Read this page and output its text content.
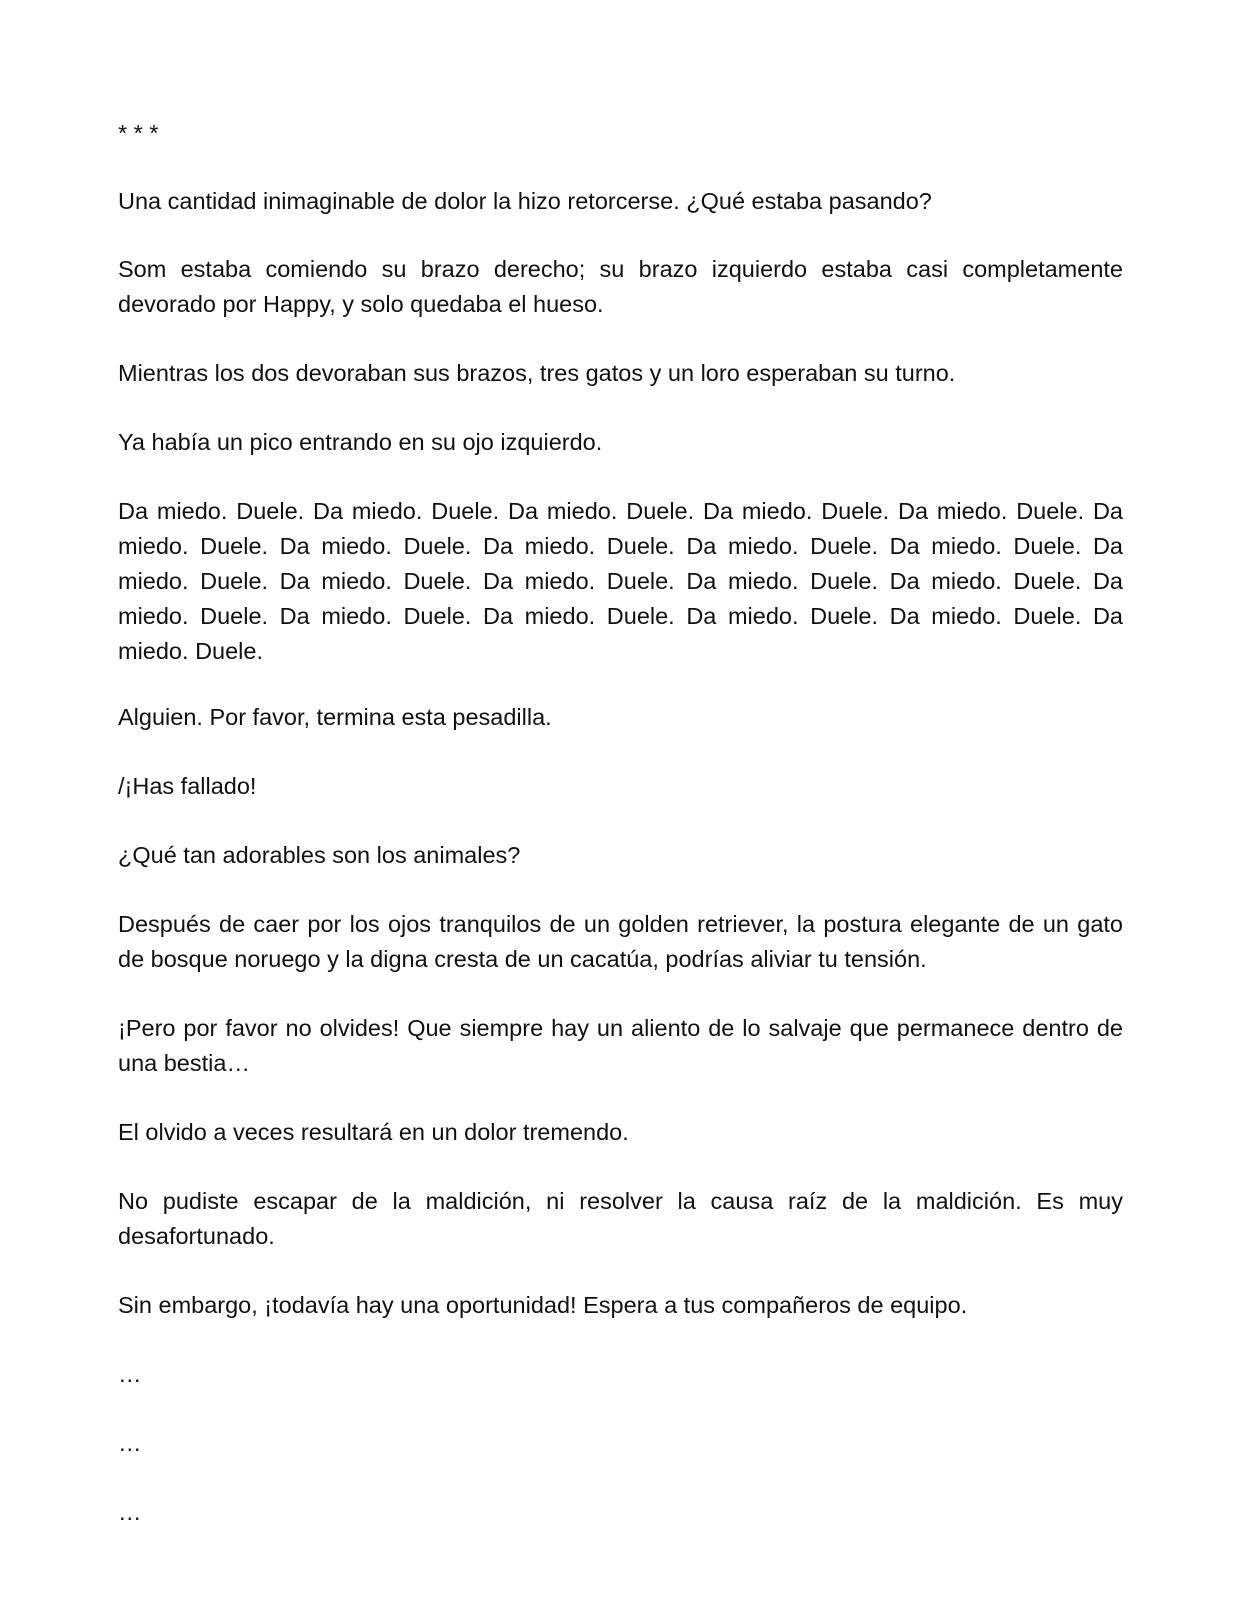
* * *

Una cantidad inimaginable de dolor la hizo retorcerse. ¿Qué estaba pasando?

Som estaba comiendo su brazo derecho; su brazo izquierdo estaba casi completamente devorado por Happy, y solo quedaba el hueso.

Mientras los dos devoraban sus brazos, tres gatos y un loro esperaban su turno.

Ya había un pico entrando en su ojo izquierdo.

Da miedo. Duele. Da miedo. Duele. Da miedo. Duele. Da miedo. Duele. Da miedo. Duele. Da miedo. Duele. Da miedo. Duele. Da miedo. Duele. Da miedo. Duele. Da miedo. Duele. Da miedo. Duele. Da miedo. Duele. Da miedo. Duele. Da miedo. Duele. Da miedo. Duele. Da miedo. Duele. Da miedo. Duele. Da miedo. Duele. Da miedo. Duele. Da miedo. Duele. Da miedo. Duele.

Alguien. Por favor, termina esta pesadilla.

/¡Has fallado!

¿Qué tan adorables son los animales?

Después de caer por los ojos tranquilos de un golden retriever, la postura elegante de un gato de bosque noruego y la digna cresta de un cacatúa, podrías aliviar tu tensión.

¡Pero por favor no olvides! Que siempre hay un aliento de lo salvaje que permanece dentro de una bestia…

El olvido a veces resultará en un dolor tremendo.

No pudiste escapar de la maldición, ni resolver la causa raíz de la maldición. Es muy desafortunado.

Sin embargo, ¡todavía hay una oportunidad! Espera a tus compañeros de equipo.

…

…

…
